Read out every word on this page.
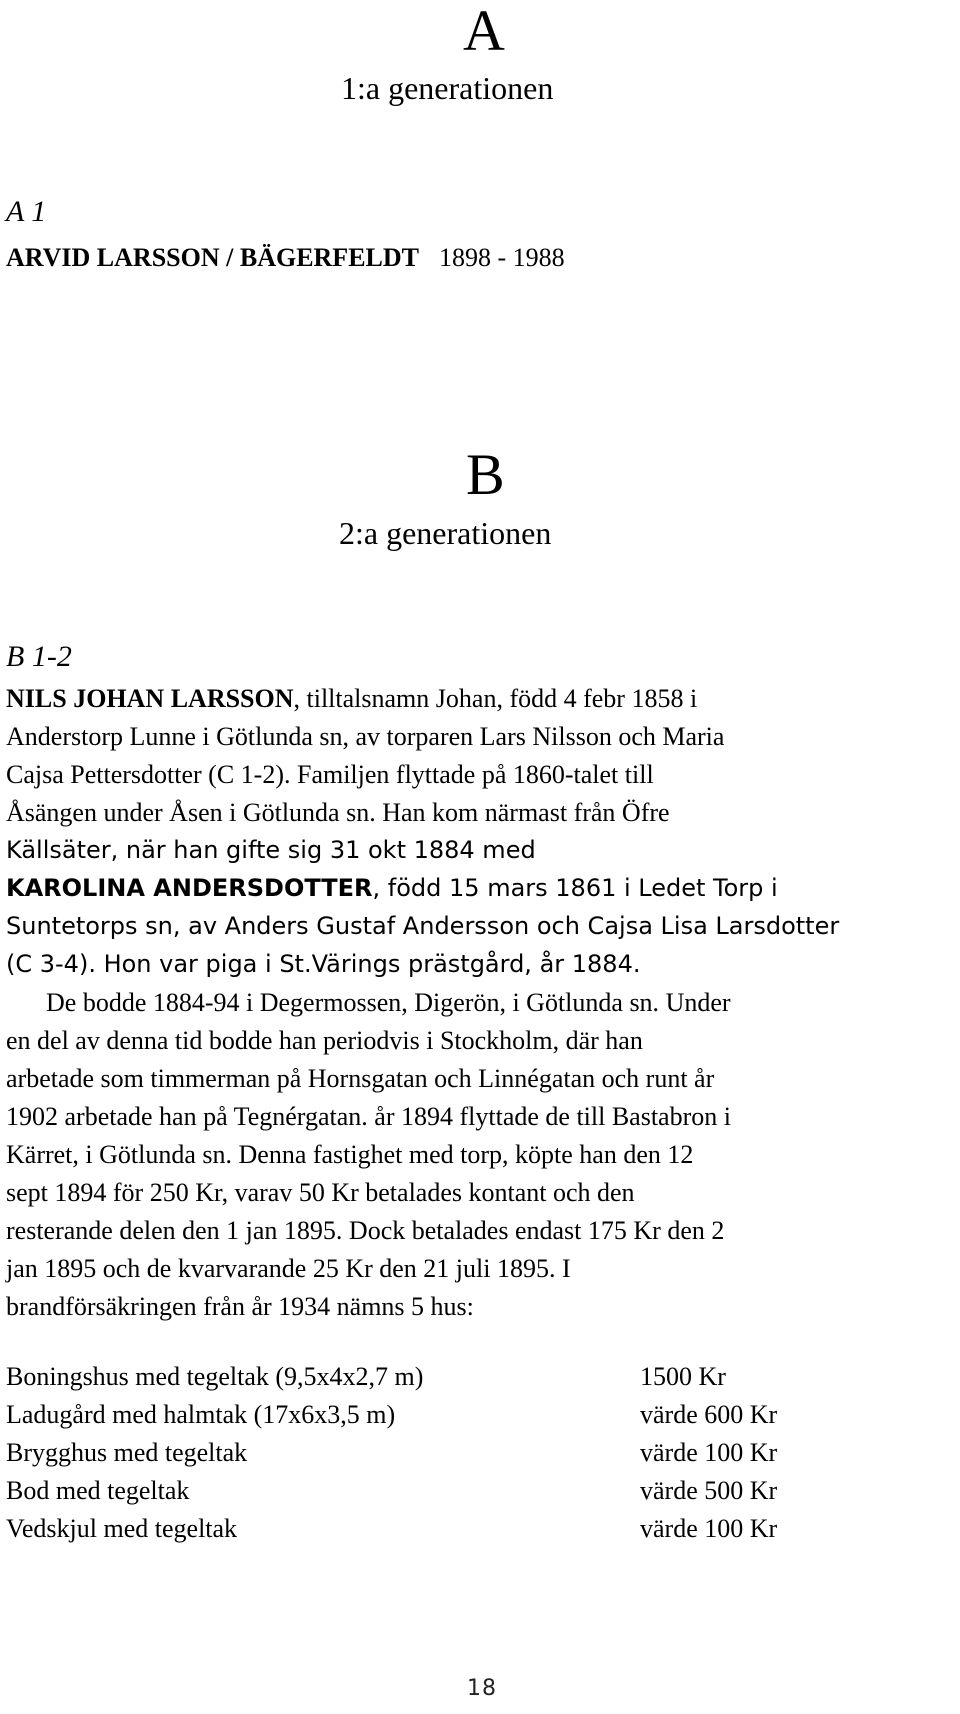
A
1:a generationen
A 1
ARVID LARSSON / BÄGERFELDT 1898 - 1988
B
2:a generationen
B 1-2
NILS JOHAN LARSSON, tilltalsnamn Johan, född 4 febr 1858 i
Anderstorp Lunne i Götlunda sn, av torparen Lars Nilsson och Maria
Cajsa Pettersdotter (C 1-2). Familjen flyttade på 1860-talet till
Åsängen under Åsen i Götlunda sn. Han kom närmast från Öfre
Källsäter, när han gifte sig 31 okt 1884 med
KAROLINA ANDERSDOTTER, född 15 mars 1861 i Ledet Torp i
Suntetorps sn, av Anders Gustaf Andersson och Cajsa Lisa Larsdotter
(C 3-4). Hon var piga i St.Värings prästgård, år 1884.
De bodde 1884-94 i Degermossen, Digerön, i Götlunda sn. Under
en del av denna tid bodde han periodvis i Stockholm, där han
arbetade som timmerman på Hornsgatan och Linnégatan och runt år
1902 arbetade han på Tegnérgatan. år 1894 flyttade de till Bastabron i
Kärret, i Götlunda sn. Denna fastighet med torp, köpte han den 12
sept 1894 för 250 Kr, varav 50 Kr betalades kontant och den
resterande delen den 1 jan 1895. Dock betalades endast 175 Kr den 2
jan 1895 och de kvarvarande 25 Kr den 21 juli 1895. I
brandförsäkringen från år 1934 nämns 5 hus:
Boningshus med tegeltak (9,5x4x2,7 m)	1500 Kr
Ladugård med halmtak (17x6x3,5 m)	värde 600 Kr
Brygghus med tegeltak	värde 100 Kr
Bod med tegeltak	värde 500 Kr
Vedskjul med tegeltak	värde 100 Kr
18
